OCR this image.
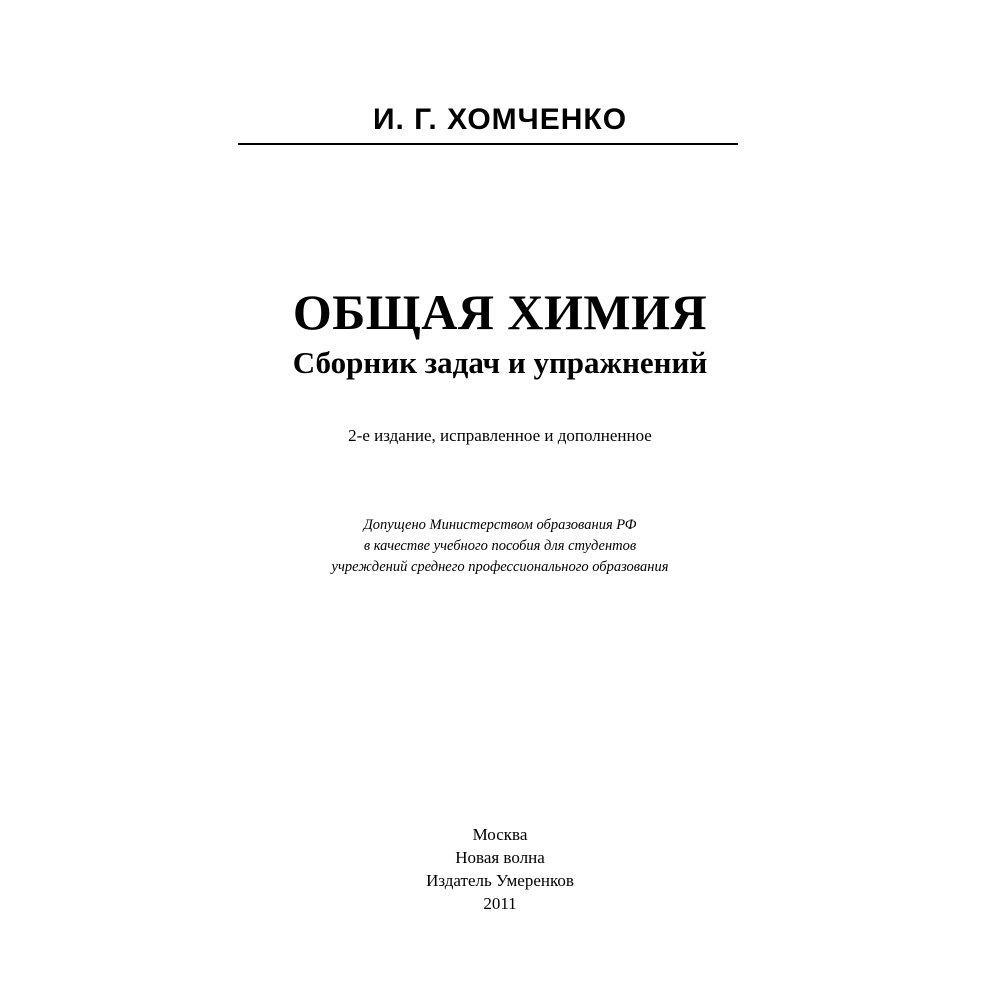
И. Г. ХОМЧЕНКО
ОБЩАЯ ХИМИЯ
Сборник задач и упражнений
2-е издание, исправленное и дополненное
Допущено Министерством образования РФ
в качестве учебного пособия для студентов
учреждений среднего профессионального образования
Москва
Новая волна
Издатель Умеренков
2011
